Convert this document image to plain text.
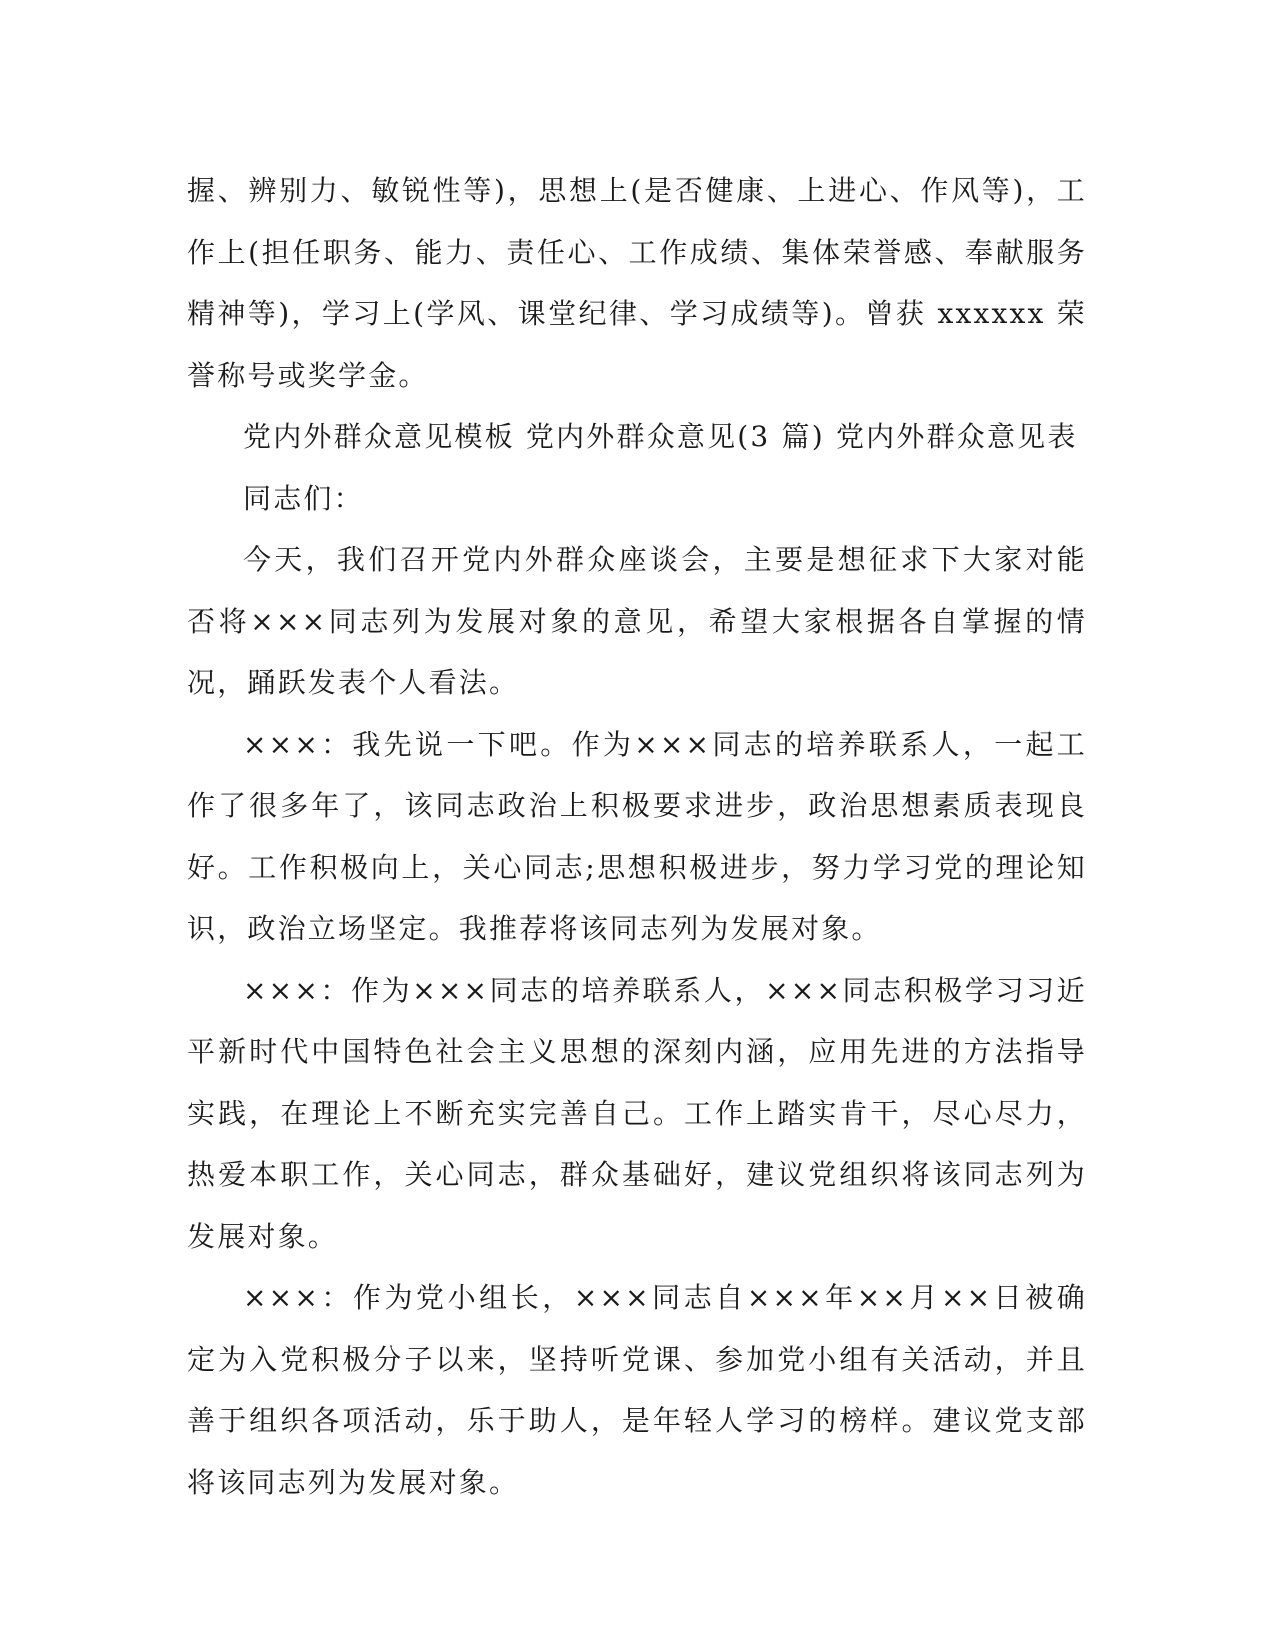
握、辨别力、敏锐性等)，思想上(是否健康、上进心、作风等)，工作上(担任职务、能力、责任心、工作成绩、集体荣誉感、奉献服务精神等)，学习上(学风、课堂纪律、学习成绩等)。曾获 xxxxxx 荣誉称号或奖学金。

党内外群众意见模板 党内外群众意见(3 篇) 党内外群众意见表

同志们：

今天，我们召开党内外群众座谈会，主要是想征求下大家对能否将×××同志列为发展对象的意见，希望大家根据各自掌握的情况，踊跃发表个人看法。

×××：我先说一下吧。作为×××同志的培养联系人，一起工作了很多年了，该同志政治上积极要求进步，政治思想素质表现良好。工作积极向上，关心同志;思想积极进步，努力学习党的理论知识，政治立场坚定。我推荐将该同志列为发展对象。

×××：作为×××同志的培养联系人，×××同志积极学习习近平新时代中国特色社会主义思想的深刻内涵，应用先进的方法指导实践，在理论上不断充实完善自己。工作上踏实肯干，尽心尽力，热爱本职工作，关心同志，群众基础好，建议党组织将该同志列为发展对象。

×××：作为党小组长，×××同志自×××年××月××日被确定为入党积极分子以来，坚持听党课、参加党小组有关活动，并且善于组织各项活动，乐于助人，是年轻人学习的榜样。建议党支部将该同志列为发展对象。
